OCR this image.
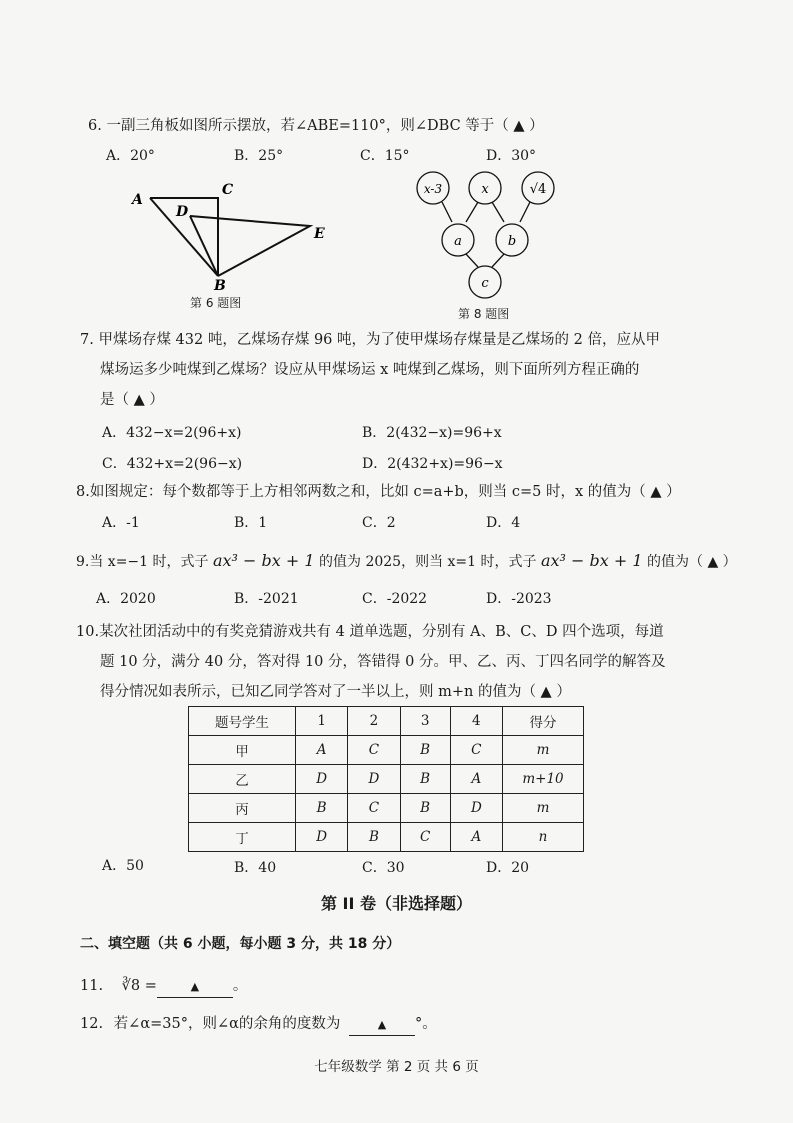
6. 一副三角板如图所示摆放，若∠ABE=110°，则∠DBC 等于（ ▲ ）
A．20°	B．25°	C．15°	D．30°
A
C
D
E
B
第 6 题图
x-3	x	√4
a	b
c
第 8 题图
7. 甲煤场存煤 432 吨，乙煤场存煤 96 吨，为了使甲煤场存煤量是乙煤场的 2 倍，应从甲
煤场运多少吨煤到乙煤场？设应从甲煤场运 x 吨煤到乙煤场，则下面所列方程正确的
是（ ▲ ）
A．432−x=2(96+x)	B．2(432−x)=96+x
C．432+x=2(96−x)	D．2(432+x)=96−x
8.如图规定：每个数都等于上方相邻两数之和，比如 c=a+b，则当 c=5 时，x 的值为（ ▲ ）
A．-1	B．1	C．2	D．4
9.当 x=−1 时，式子 ax³ − bx + 1 的值为 2025，则当 x=1 时，式子 ax³ − bx + 1 的值为（ ▲ ）
A．2020	B．-2021	C．-2022	D．-2023
10.某次社团活动中的有奖竞猜游戏共有 4 道单选题，分别有 A、B、C、D 四个选项，每道
题 10 分，满分 40 分，答对得 10 分，答错得 0 分。甲、乙、丙、丁四名同学的解答及
得分情况如表所示，已知乙同学答对了一半以上，则 m+n 的值为（ ▲ ）
题号学生	1	2	3	4	得分
甲	A	C	B	C	m
乙	D	D	B	A	m+10
丙	B	C	B	D	m
丁	D	B	C	A	n
A．50	B．40	C．30	D．20
第 II 卷（非选择题）
二、填空题（共 6 小题，每小题 3 分，共 18 分）
11. ∛8 =	▲ 。
12. 若∠α=35°，则∠α的余角的度数为	▲ °。
七年级数学 第 2 页 共 6 页
